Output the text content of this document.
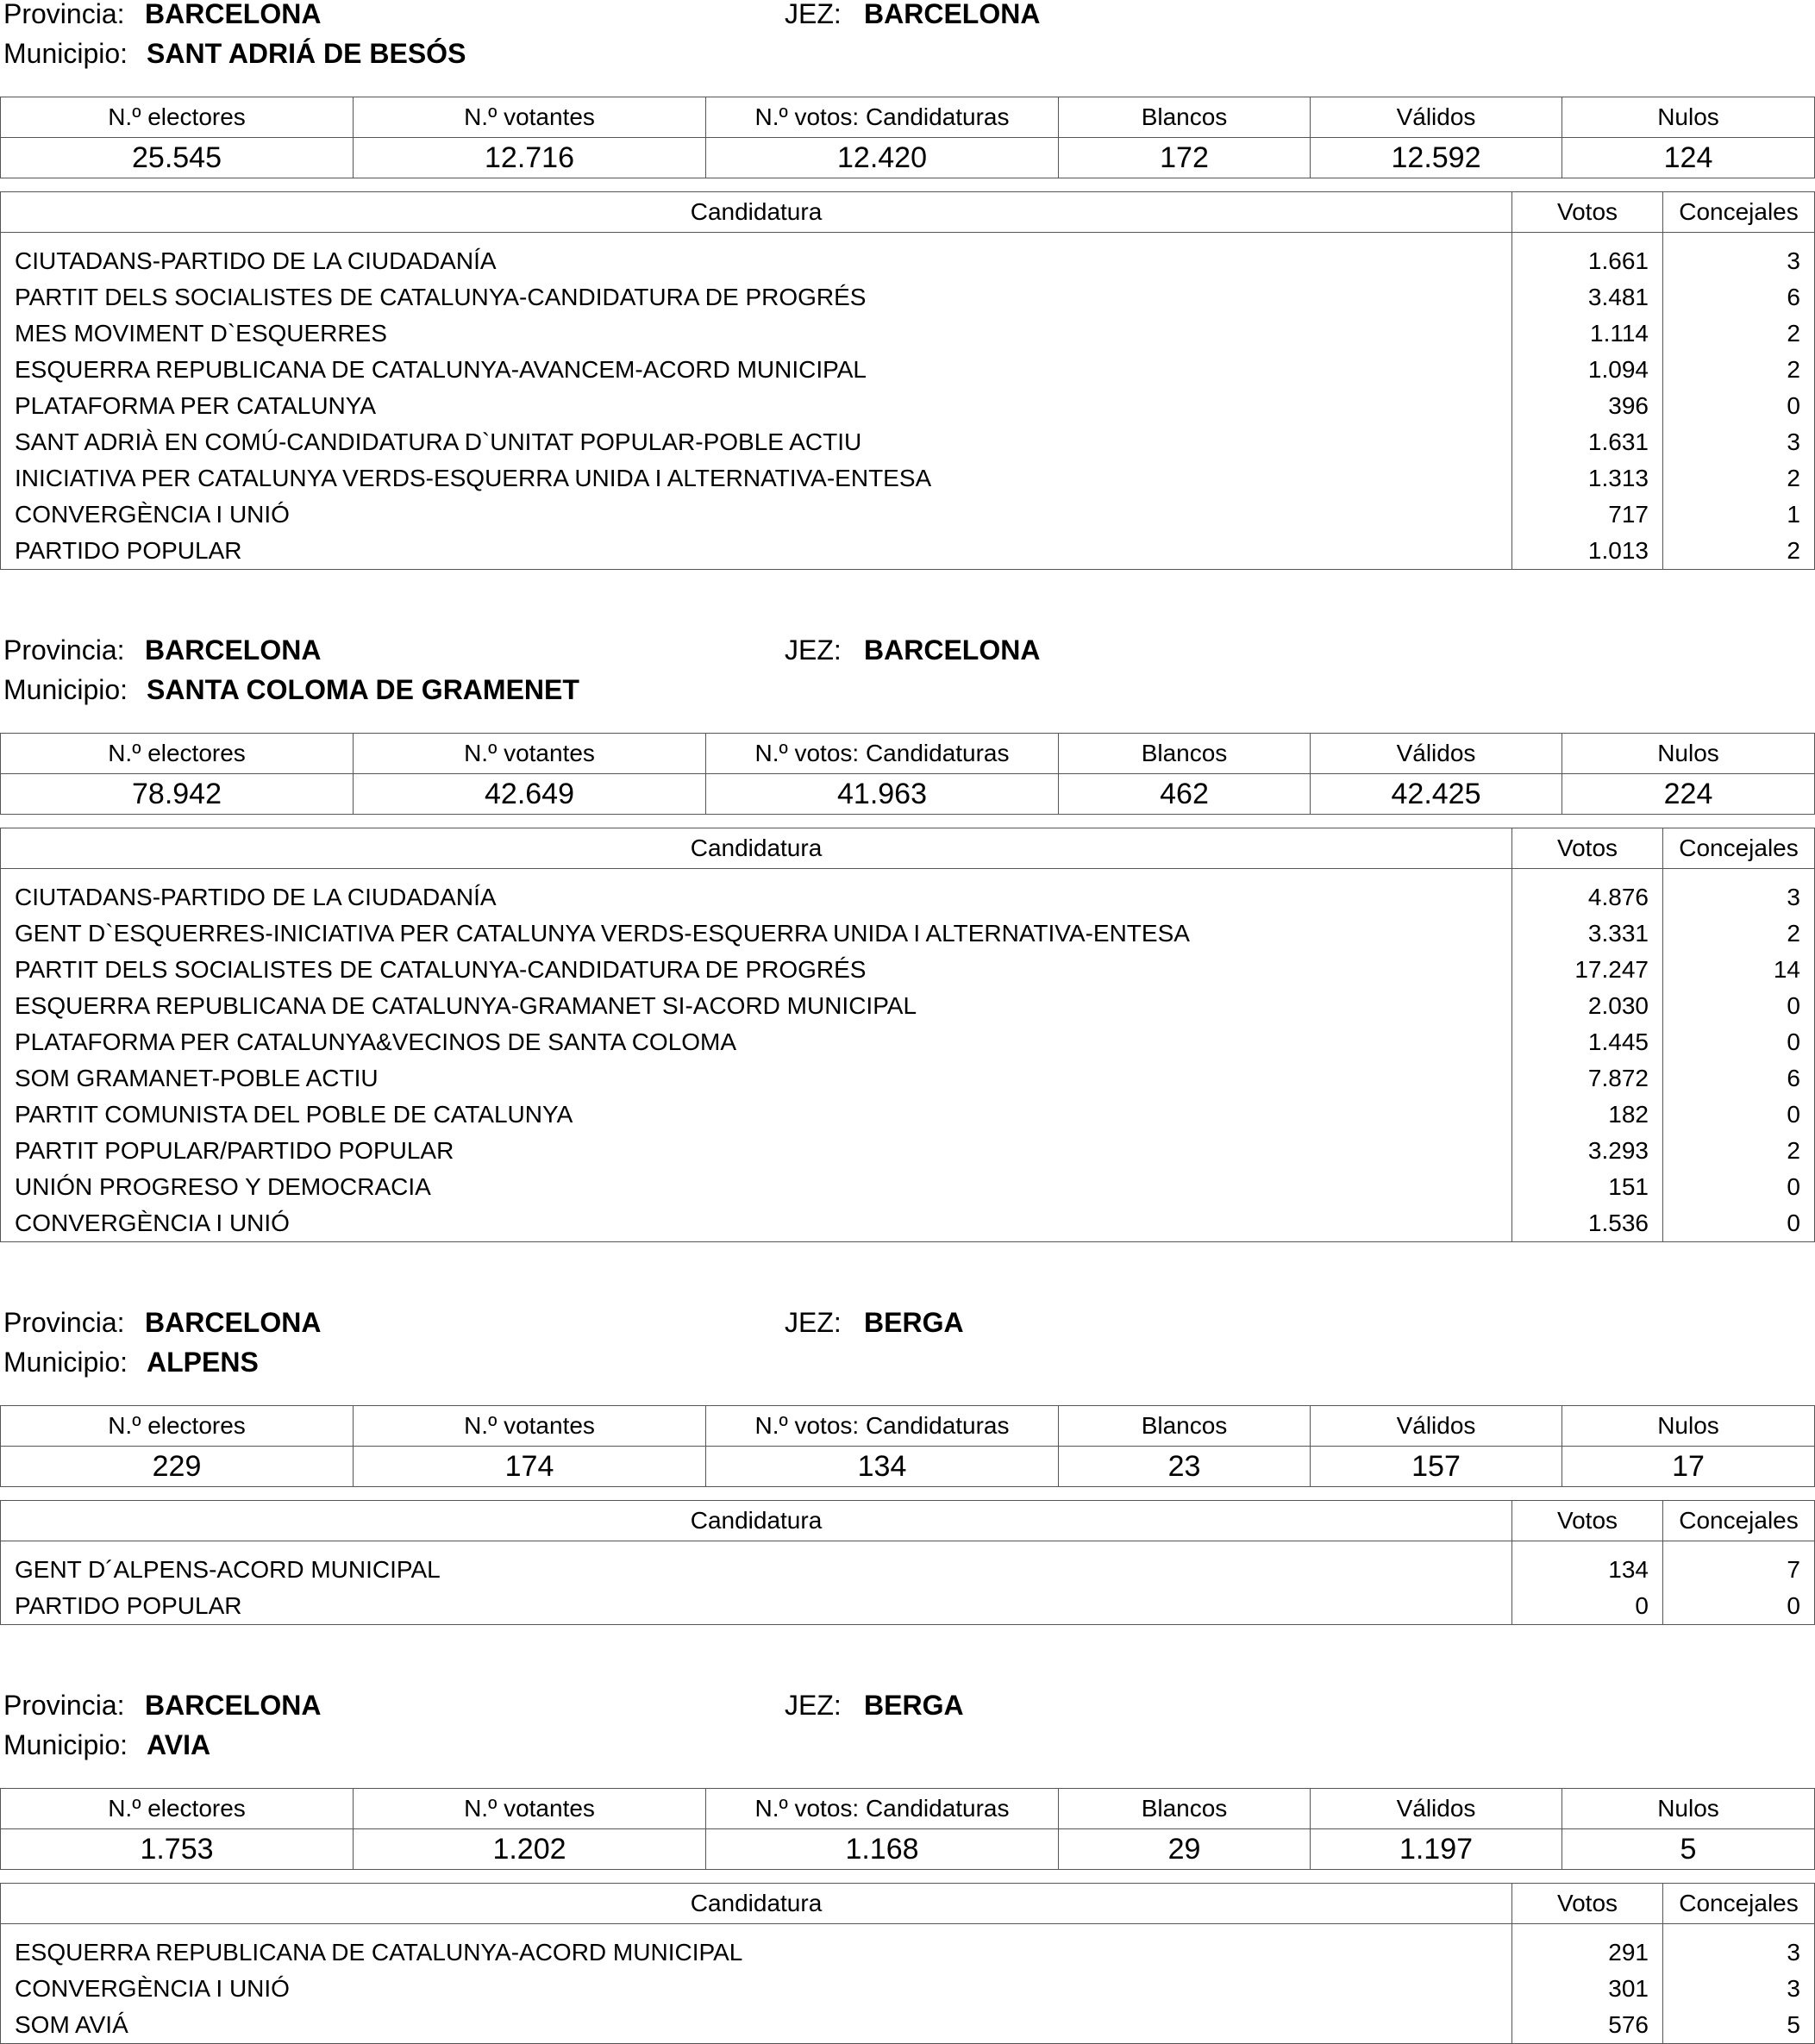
Provincia: BARCELONA	JEZ: BARCELONA
Municipio: SANT ADRIÁ DE BESÓS
N.º electores	N.º votantes	N.º votos: Candidaturas	Blancos	Válidos	Nulos
25.545	12.716	12.420	172	12.592	124
Candidatura	Votos	Concejales
CIUTADANS-PARTIDO DE LA CIUDADANÍA	1.661	3
PARTIT DELS SOCIALISTES DE CATALUNYA-CANDIDATURA DE PROGRÉS	3.481	6
MES MOVIMENT D`ESQUERRES	1.114	2
ESQUERRA REPUBLICANA DE CATALUNYA-AVANCEM-ACORD MUNICIPAL	1.094	2
PLATAFORMA PER CATALUNYA	396	0
SANT ADRIÀ EN COMÚ-CANDIDATURA D`UNITAT POPULAR-POBLE ACTIU	1.631	3
INICIATIVA PER CATALUNYA VERDS-ESQUERRA UNIDA I ALTERNATIVA-ENTESA	1.313	2
CONVERGÈNCIA I UNIÓ	717	1
PARTIDO POPULAR	1.013	2
Provincia: BARCELONA	JEZ: BARCELONA
Municipio: SANTA COLOMA DE GRAMENET
N.º electores	N.º votantes	N.º votos: Candidaturas	Blancos	Válidos	Nulos
78.942	42.649	41.963	462	42.425	224
Candidatura	Votos	Concejales
CIUTADANS-PARTIDO DE LA CIUDADANÍA	4.876	3
GENT D`ESQUERRES-INICIATIVA PER CATALUNYA VERDS-ESQUERRA UNIDA I ALTERNATIVA-ENTESA	3.331	2
PARTIT DELS SOCIALISTES DE CATALUNYA-CANDIDATURA DE PROGRÉS	17.247	14
ESQUERRA REPUBLICANA DE CATALUNYA-GRAMANET SI-ACORD MUNICIPAL	2.030	0
PLATAFORMA PER CATALUNYA&VECINOS DE SANTA COLOMA	1.445	0
SOM GRAMANET-POBLE ACTIU	7.872	6
PARTIT COMUNISTA DEL POBLE DE CATALUNYA	182	0
PARTIT POPULAR/PARTIDO POPULAR	3.293	2
UNIÓN PROGRESO Y DEMOCRACIA	151	0
CONVERGÈNCIA I UNIÓ	1.536	0
Provincia: BARCELONA	JEZ: BERGA
Municipio: ALPENS
N.º electores	N.º votantes	N.º votos: Candidaturas	Blancos	Válidos	Nulos
229	174	134	23	157	17
Candidatura	Votos	Concejales
GENT D´ALPENS-ACORD MUNICIPAL	134	7
PARTIDO POPULAR	0	0
Provincia: BARCELONA	JEZ: BERGA
Municipio: AVIA
N.º electores	N.º votantes	N.º votos: Candidaturas	Blancos	Válidos	Nulos
1.753	1.202	1.168	29	1.197	5
Candidatura	Votos	Concejales
ESQUERRA REPUBLICANA DE CATALUNYA-ACORD MUNICIPAL	291	3
CONVERGÈNCIA I UNIÓ	301	3
SOM AVIÁ	576	5
